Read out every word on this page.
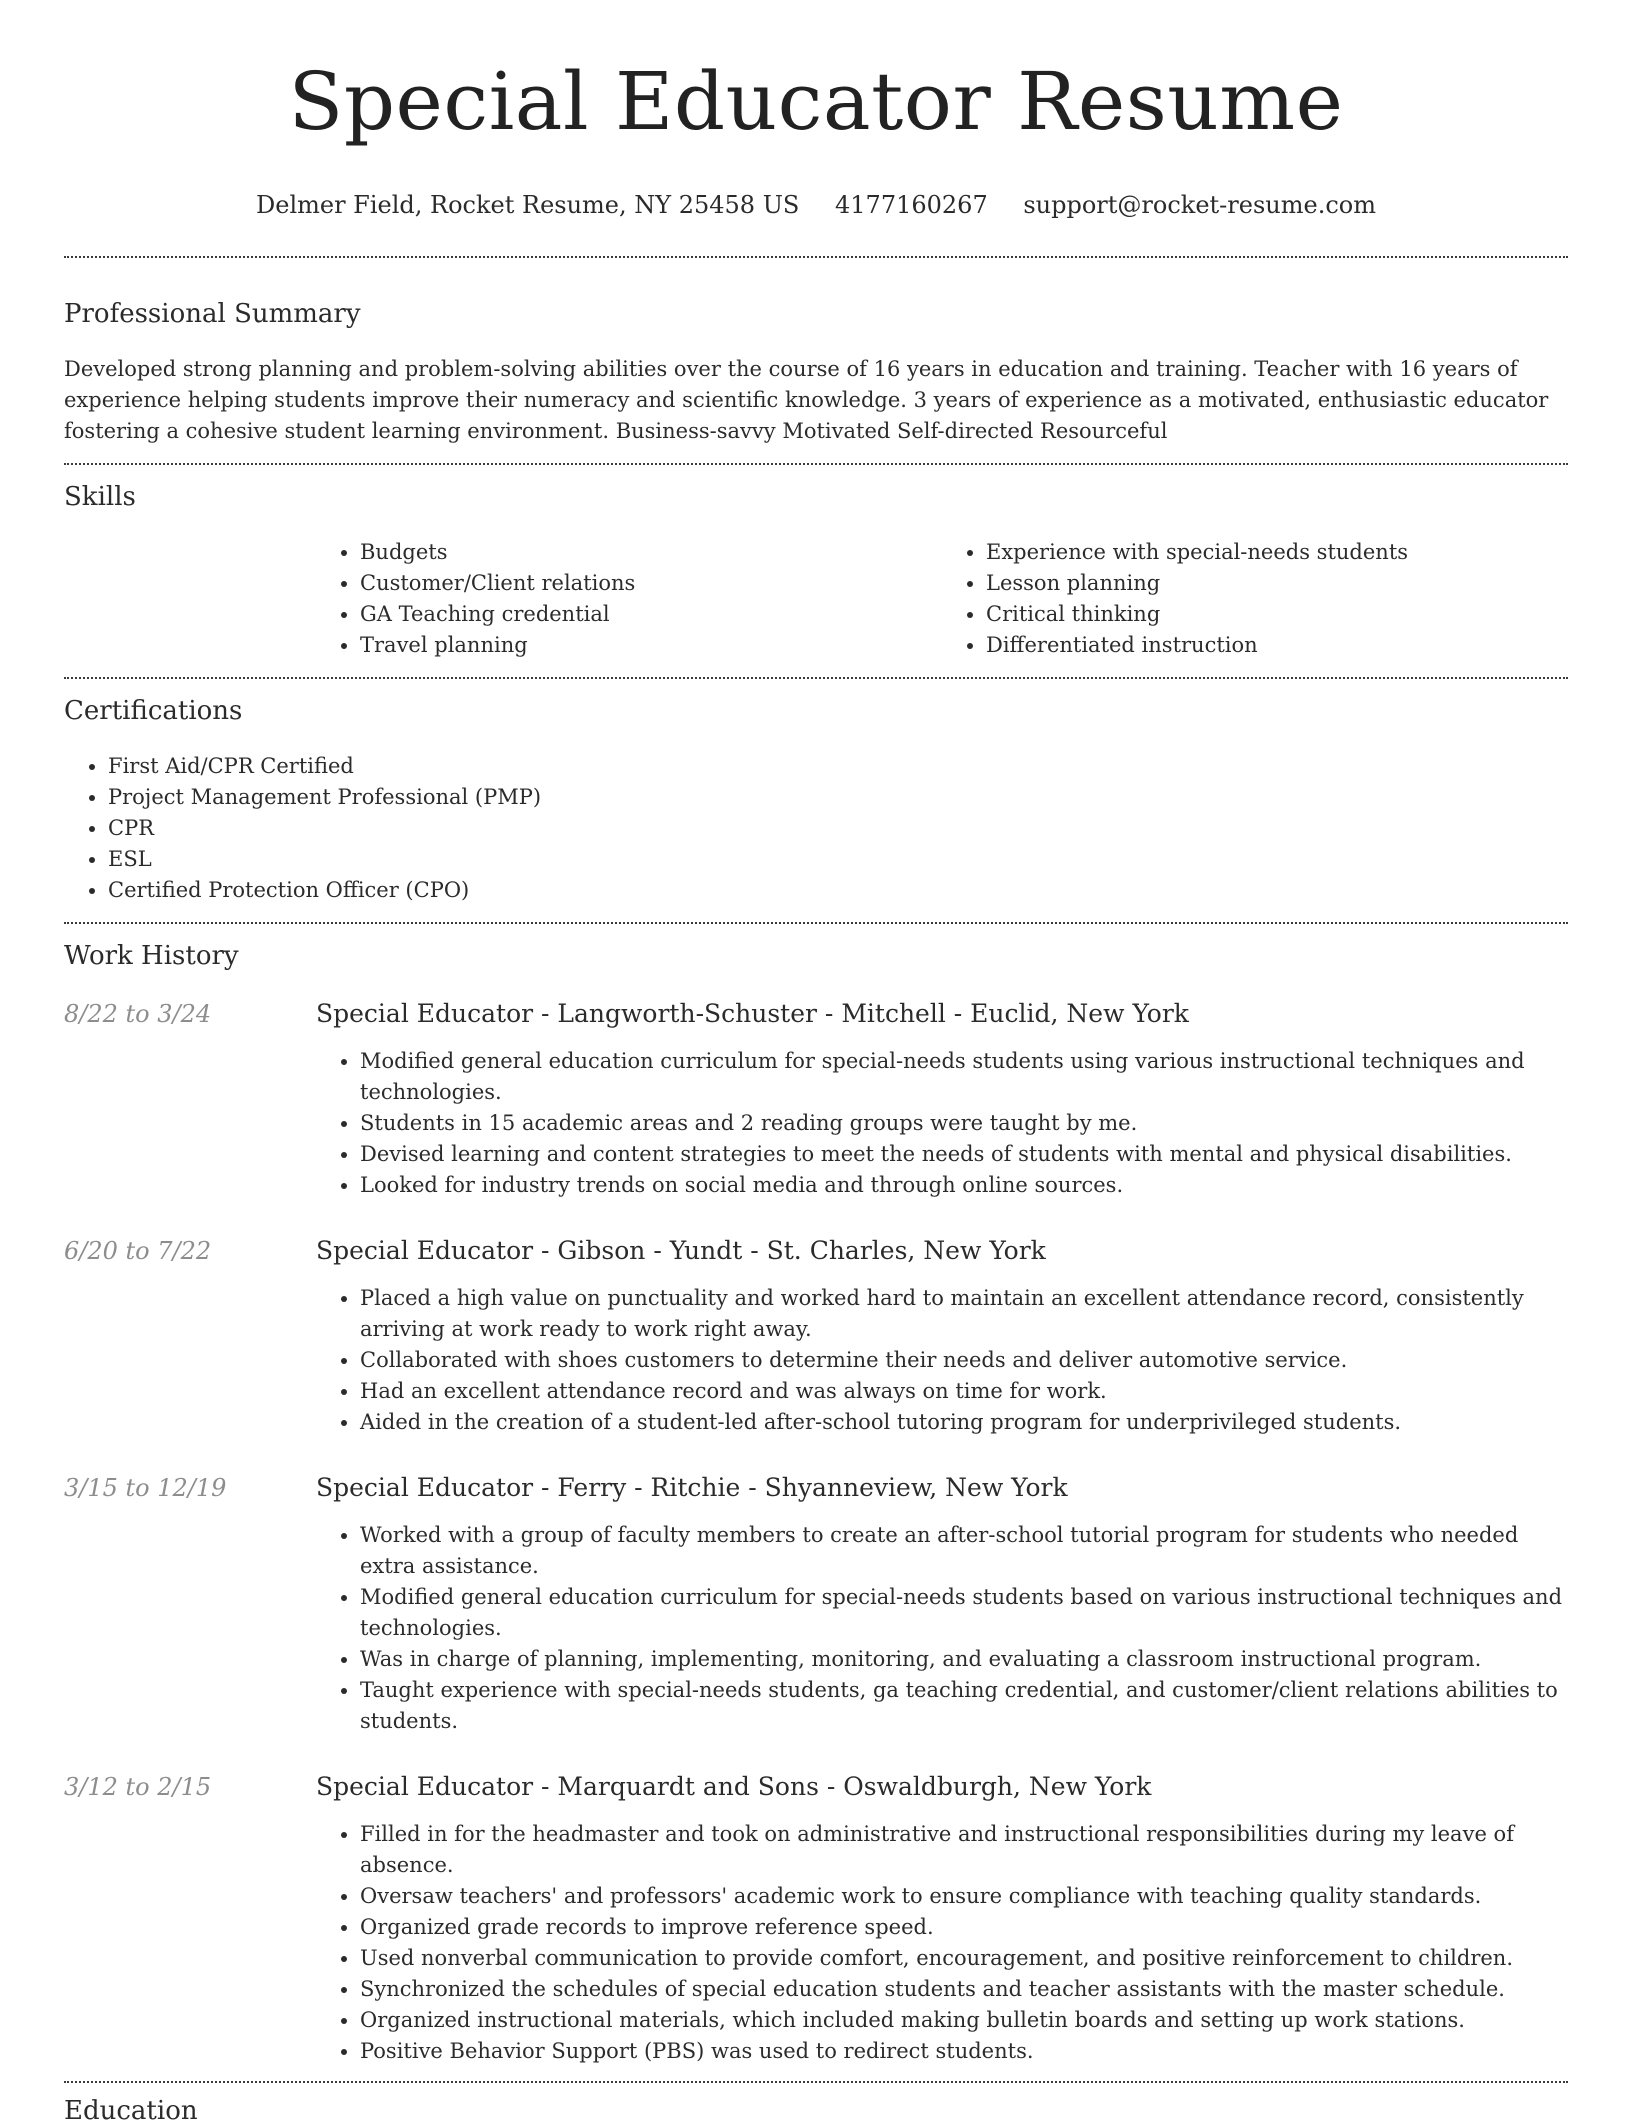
Special Educator Resume
Delmer Field, Rocket Resume, NY 25458 US 4177160267 support@rocket-resume.com
Professional Summary

Developed strong planning and problem-solving abilities over the course of 16 years in education and training. Teacher with 16 years of experience helping students improve their numeracy and scientific knowledge. 3 years of experience as a motivated, enthusiastic educator fostering a cohesive student learning environment. Business-savvy Motivated Self-directed Resourceful

Skills
• Budgets
• Customer/Client relations
• GA Teaching credential
• Travel planning
• Experience with special-needs students
• Lesson planning
• Critical thinking
• Differentiated instruction
Certifications
• First Aid/CPR Certified
• Project Management Professional (PMP)
• CPR
• ESL
• Certified Protection Officer (CPO)
Work History
8/22 to 3/24	Special Educator - Langworth-Schuster - Mitchell - Euclid, New York
• Modified general education curriculum for special-needs students using various instructional techniques and technologies.
• Students in 15 academic areas and 2 reading groups were taught by me.
• Devised learning and content strategies to meet the needs of students with mental and physical disabilities.
• Looked for industry trends on social media and through online sources.
6/20 to 7/22	Special Educator - Gibson - Yundt - St. Charles, New York
• Placed a high value on punctuality and worked hard to maintain an excellent attendance record, consistently arriving at work ready to work right away.
• Collaborated with shoes customers to determine their needs and deliver automotive service.
• Had an excellent attendance record and was always on time for work.
• Aided in the creation of a student-led after-school tutoring program for underprivileged students.
3/15 to 12/19	Special Educator - Ferry - Ritchie - Shyanneview, New York
• Worked with a group of faculty members to create an after-school tutorial program for students who needed extra assistance.
• Modified general education curriculum for special-needs students based on various instructional techniques and technologies.
• Was in charge of planning, implementing, monitoring, and evaluating a classroom instructional program.
• Taught experience with special-needs students, ga teaching credential, and customer/client relations abilities to students.
3/12 to 2/15	Special Educator - Marquardt and Sons - Oswaldburgh, New York
• Filled in for the headmaster and took on administrative and instructional responsibilities during my leave of absence.
• Oversaw teachers' and professors' academic work to ensure compliance with teaching quality standards.
• Organized grade records to improve reference speed.
• Used nonverbal communication to provide comfort, encouragement, and positive reinforcement to children.
• Synchronized the schedules of special education students and teacher assistants with the master schedule.
• Organized instructional materials, which included making bulletin boards and setting up work stations.
• Positive Behavior Support (PBS) was used to redirect students.
Education
